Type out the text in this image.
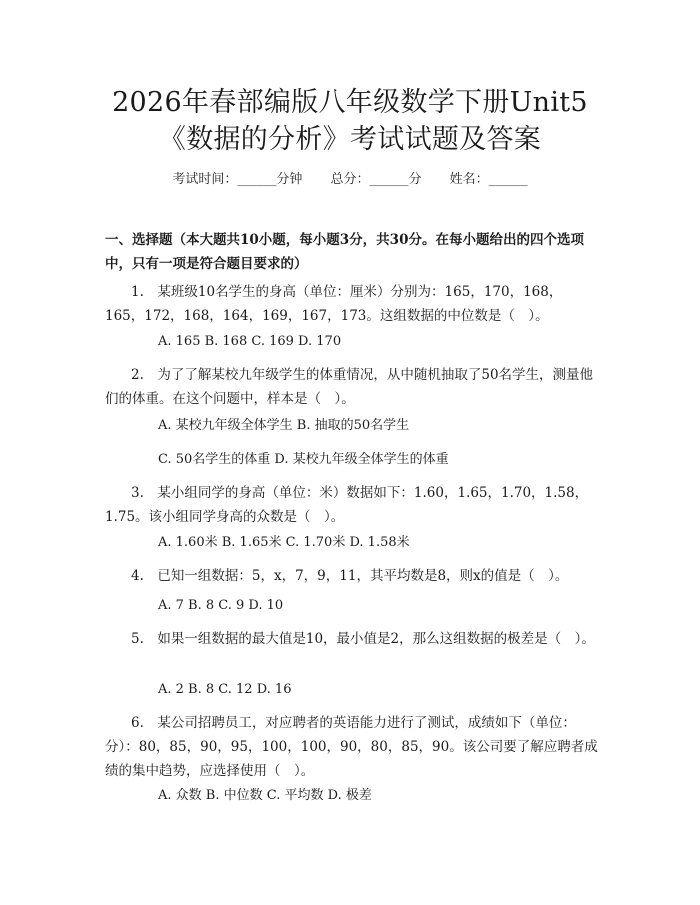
2026年春部编版八年级数学下册Unit5《数据的分析》考试试题及答案
考试时间：______分钟 总分：______分 姓名：______
一、选择题（本大题共10小题，每小题3分，共30分。在每小题给出的四个选项中，只有一项是符合题目要求的）
1.　某班级10名学生的身高（单位：厘米）分别为：165，170，168，165，172，168，164，169，167，173。这组数据的中位数是（　）。
A. 165 B. 168 C. 169 D. 170
2.　为了了解某校九年级学生的体重情况，从中随机抽取了50名学生，测量他们的体重。在这个问题中，样本是（　）。
A. 某校九年级全体学生 B. 抽取的50名学生
C. 50名学生的体重 D. 某校九年级全体学生的体重
3.　某小组同学的身高（单位：米）数据如下：1.60，1.65，1.70，1.58，1.75。该小组同学身高的众数是（　）。
A. 1.60米 B. 1.65米 C. 1.70米 D. 1.58米
4.　已知一组数据：5，x，7，9，11，其平均数是8，则x的值是（　）。
A. 7 B. 8 C. 9 D. 10
5.　如果一组数据的最大值是10，最小值是2，那么这组数据的极差是（　）。
A. 2 B. 8 C. 12 D. 16
6.　某公司招聘员工，对应聘者的英语能力进行了测试，成绩如下（单位：分）：80，85，90，95，100，100，90，80，85，90。该公司要了解应聘者成绩的集中趋势，应选择使用（　）。
A. 众数 B. 中位数 C. 平均数 D. 极差
